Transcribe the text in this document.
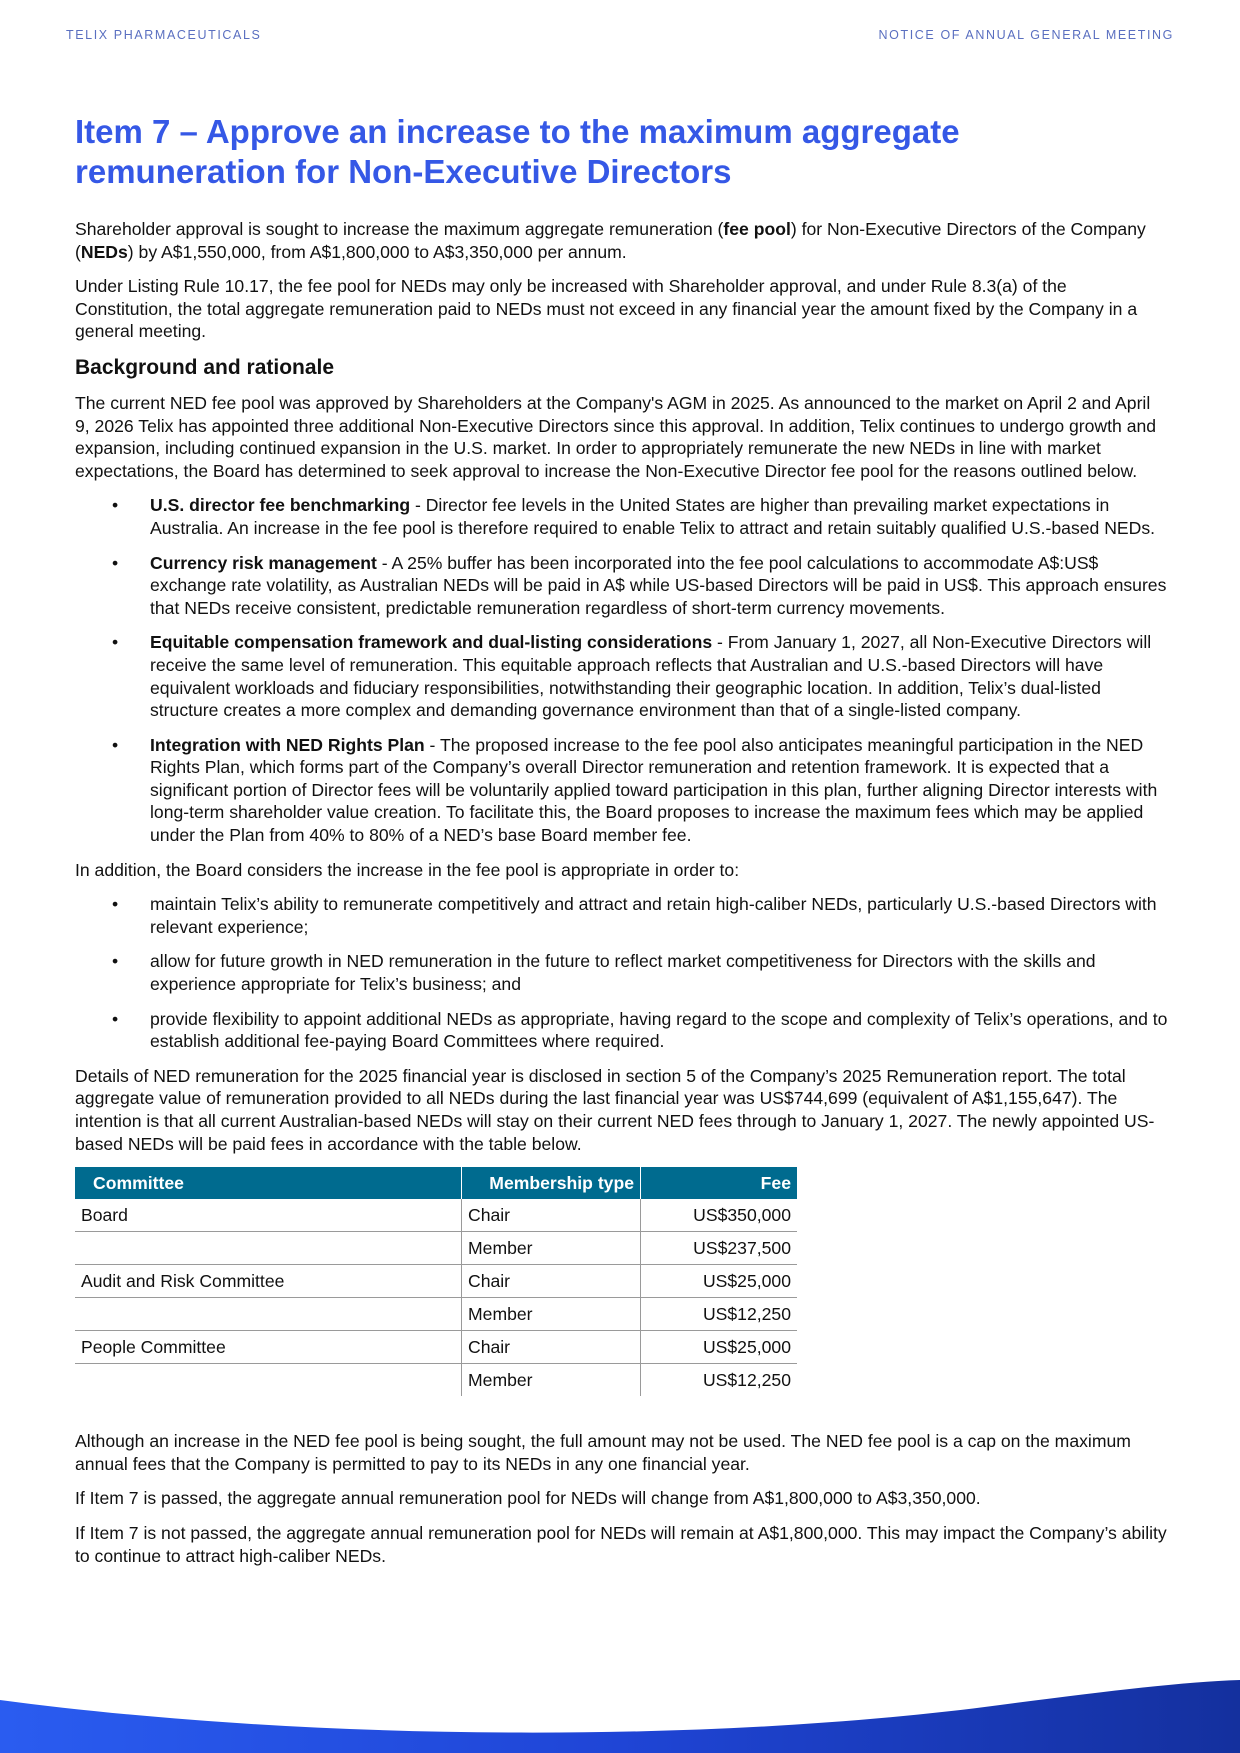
TELIX PHARMACEUTICALS	NOTICE OF ANNUAL GENERAL MEETING
Item 7 – Approve an increase to the maximum aggregate remuneration for Non-Executive Directors

Shareholder approval is sought to increase the maximum aggregate remuneration (fee pool) for Non-Executive Directors of the Company (NEDs) by A$1,550,000, from A$1,800,000 to A$3,350,000 per annum.

Under Listing Rule 10.17, the fee pool for NEDs may only be increased with Shareholder approval, and under Rule 8.3(a) of the Constitution, the total aggregate remuneration paid to NEDs must not exceed in any financial year the amount fixed by the Company in a general meeting.

Background and rationale

The current NED fee pool was approved by Shareholders at the Company's AGM in 2025. As announced to the market on April 2 and April 9, 2026 Telix has appointed three additional Non-Executive Directors since this approval. In addition, Telix continues to undergo growth and expansion, including continued expansion in the U.S. market. In order to appropriately remunerate the new NEDs in line with market expectations, the Board has determined to seek approval to increase the Non-Executive Director fee pool for the reasons outlined below.

• U.S. director fee benchmarking - Director fee levels in the United States are higher than prevailing market expectations in Australia. An increase in the fee pool is therefore required to enable Telix to attract and retain suitably qualified U.S.-based NEDs.
• Currency risk management - A 25% buffer has been incorporated into the fee pool calculations to accommodate A$:US$ exchange rate volatility, as Australian NEDs will be paid in A$ while US-based Directors will be paid in US$. This approach ensures that NEDs receive consistent, predictable remuneration regardless of short-term currency movements.
• Equitable compensation framework and dual-listing considerations - From January 1, 2027, all Non-Executive Directors will receive the same level of remuneration. This equitable approach reflects that Australian and U.S.-based Directors will have equivalent workloads and fiduciary responsibilities, notwithstanding their geographic location. In addition, Telix’s dual-listed structure creates a more complex and demanding governance environment than that of a single-listed company.
• Integration with NED Rights Plan - The proposed increase to the fee pool also anticipates meaningful participation in the NED Rights Plan, which forms part of the Company’s overall Director remuneration and retention framework. It is expected that a significant portion of Director fees will be voluntarily applied toward participation in this plan, further aligning Director interests with long-term shareholder value creation. To facilitate this, the Board proposes to increase the maximum fees which may be applied under the Plan from 40% to 80% of a NED’s base Board member fee.

In addition, the Board considers the increase in the fee pool is appropriate in order to:

• maintain Telix’s ability to remunerate competitively and attract and retain high-caliber NEDs, particularly U.S.-based Directors with relevant experience;
• allow for future growth in NED remuneration in the future to reflect market competitiveness for Directors with the skills and experience appropriate for Telix’s business; and
• provide flexibility to appoint additional NEDs as appropriate, having regard to the scope and complexity of Telix’s operations, and to establish additional fee-paying Board Committees where required.

Details of NED remuneration for the 2025 financial year is disclosed in section 5 of the Company’s 2025 Remuneration report. The total aggregate value of remuneration provided to all NEDs during the last financial year was US$744,699 (equivalent of A$1,155,647). The intention is that all current Australian-based NEDs will stay on their current NED fees through to January 1, 2027. The newly appointed US-based NEDs will be paid fees in accordance with the table below.

Committee	Membership type	Fee
Board	Chair	US$350,000
	Member	US$237,500
Audit and Risk Committee	Chair	US$25,000
	Member	US$12,250
People Committee	Chair	US$25,000
	Member	US$12,250

Although an increase in the NED fee pool is being sought, the full amount may not be used. The NED fee pool is a cap on the maximum annual fees that the Company is permitted to pay to its NEDs in any one financial year.

If Item 7 is passed, the aggregate annual remuneration pool for NEDs will change from A$1,800,000 to A$3,350,000.

If Item 7 is not passed, the aggregate annual remuneration pool for NEDs will remain at A$1,800,000. This may impact the Company’s ability to continue to attract high-caliber NEDs.

22
